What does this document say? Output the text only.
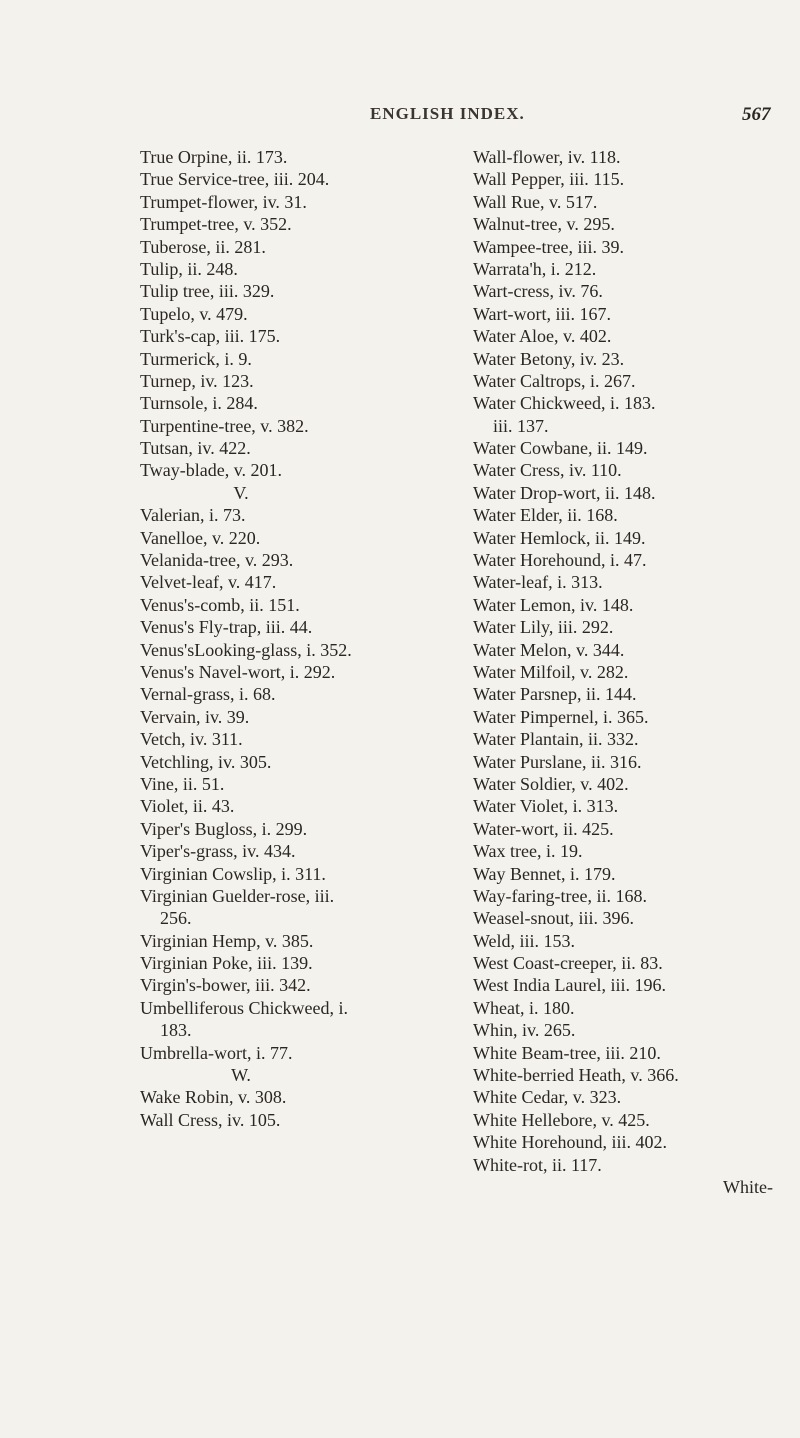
ENGLISH INDEX.	567
True Orpine, ii. 173.
True Service-tree, iii. 204.
Trumpet-flower, iv. 31.
Trumpet-tree, v. 352.
Tuberose, ii. 281.
Tulip, ii. 248.
Tulip tree, iii. 329.
Tupelo, v. 479.
Turk's-cap, iii. 175.
Turmerick, i. 9.
Turnep, iv. 123.
Turnsole, i. 284.
Turpentine-tree, v. 382.
Tutsan, iv. 422.
Tway-blade, v. 201.
V.
Valerian, i. 73.
Vanelloe, v. 220.
Velanida-tree, v. 293.
Velvet-leaf, v. 417.
Venus's-comb, ii. 151.
Venus's Fly-trap, iii. 44.
Venus'sLooking-glass, i. 352.
Venus's Navel-wort, i. 292.
Vernal-grass, i. 68.
Vervain, iv. 39.
Vetch, iv. 311.
Vetchling, iv. 305.
Vine, ii. 51.
Violet, ii. 43.
Viper's Bugloss, i. 299.
Viper's-grass, iv. 434.
Virginian Cowslip, i. 311.
Virginian Guelder-rose, iii.
256.
Virginian Hemp, v. 385.
Virginian Poke, iii. 139.
Virgin's-bower, iii. 342.
Umbelliferous Chickweed, i.
183.
Umbrella-wort, i. 77.
W.
Wake Robin, v. 308.
Wall Cress, iv. 105.
Wall-flower, iv. 118.
Wall Pepper, iii. 115.
Wall Rue, v. 517.
Walnut-tree, v. 295.
Wampee-tree, iii. 39.
Warrata'h, i. 212.
Wart-cress, iv. 76.
Wart-wort, iii. 167.
Water Aloe, v. 402.
Water Betony, iv. 23.
Water Caltrops, i. 267.
Water Chickweed, i. 183.
iii. 137.
Water Cowbane, ii. 149.
Water Cress, iv. 110.
Water Drop-wort, ii. 148.
Water Elder, ii. 168.
Water Hemlock, ii. 149.
Water Horehound, i. 47.
Water-leaf, i. 313.
Water Lemon, iv. 148.
Water Lily, iii. 292.
Water Melon, v. 344.
Water Milfoil, v. 282.
Water Parsnep, ii. 144.
Water Pimpernel, i. 365.
Water Plantain, ii. 332.
Water Purslane, ii. 316.
Water Soldier, v. 402.
Water Violet, i. 313.
Water-wort, ii. 425.
Wax tree, i. 19.
Way Bennet, i. 179.
Way-faring-tree, ii. 168.
Weasel-snout, iii. 396.
Weld, iii. 153.
West Coast-creeper, ii. 83.
West India Laurel, iii. 196.
Wheat, i. 180.
Whin, iv. 265.
White Beam-tree, iii. 210.
White-berried Heath, v. 366.
White Cedar, v. 323.
White Hellebore, v. 425.
White Horehound, iii. 402.
White-rot, ii. 117.
White-
